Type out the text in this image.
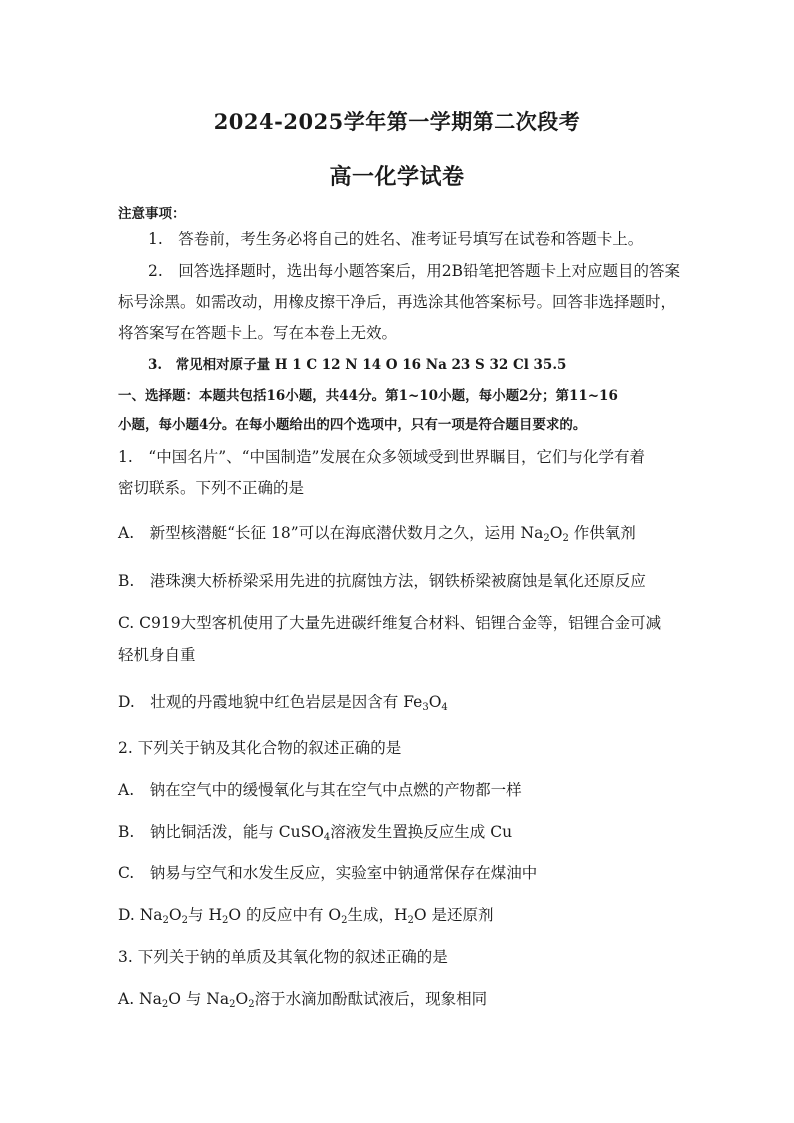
2024-2025学年第一学期第二次段考
高一化学试卷
注意事项：
1.　答卷前，考生务必将自己的姓名、准考证号填写在试卷和答题卡上。
2.　回答选择题时，选出每小题答案后，用2B铅笔把答题卡上对应题目的答案
标号涂黑。如需改动，用橡皮擦干净后，再选涂其他答案标号。回答非选择题时，
将答案写在答题卡上。写在本卷上无效。
3.　常见相对原子量 H 1 C 12 N 14 O 16 Na 23 S 32 Cl 35.5
一、选择题：本题共包括16小题，共44分。第1~10小题，每小题2分；第11~16
小题，每小题4分。在每小题给出的四个选项中，只有一项是符合题目要求的。
1.　“中国名片”、“中国制造”发展在众多领域受到世界瞩目，它们与化学有着
密切联系。下列不正确的是
A.　新型核潜艇“长征 18”可以在海底潜伏数月之久，运用 $Na_2O_2$ 作供氧剂
B.　港珠澳大桥桥梁采用先进的抗腐蚀方法，钢铁桥梁被腐蚀是氧化还原反应
C. C919大型客机使用了大量先进碳纤维复合材料、铝锂合金等，铝锂合金可减
轻机身自重
D.　壮观的丹霞地貌中红色岩层是因含有 $Fe_3O_4$
2. 下列关于钠及其化合物的叙述正确的是
A.　钠在空气中的缓慢氧化与其在空气中点燃的产物都一样
B.　钠比铜活泼，能与 CuSO$_4$溶液发生置换反应生成 Cu
C.　钠易与空气和水发生反应，实验室中钠通常保存在煤油中
D. $Na_2O_2$与 $H_2O$ 的反应中有 $O_2$生成，$H_2O$ 是还原剂
3. 下列关于钠的单质及其氧化物的叙述正确的是
A. $Na_2O$ 与 $Na_2O_2$溶于水滴加酚酞试液后，现象相同
